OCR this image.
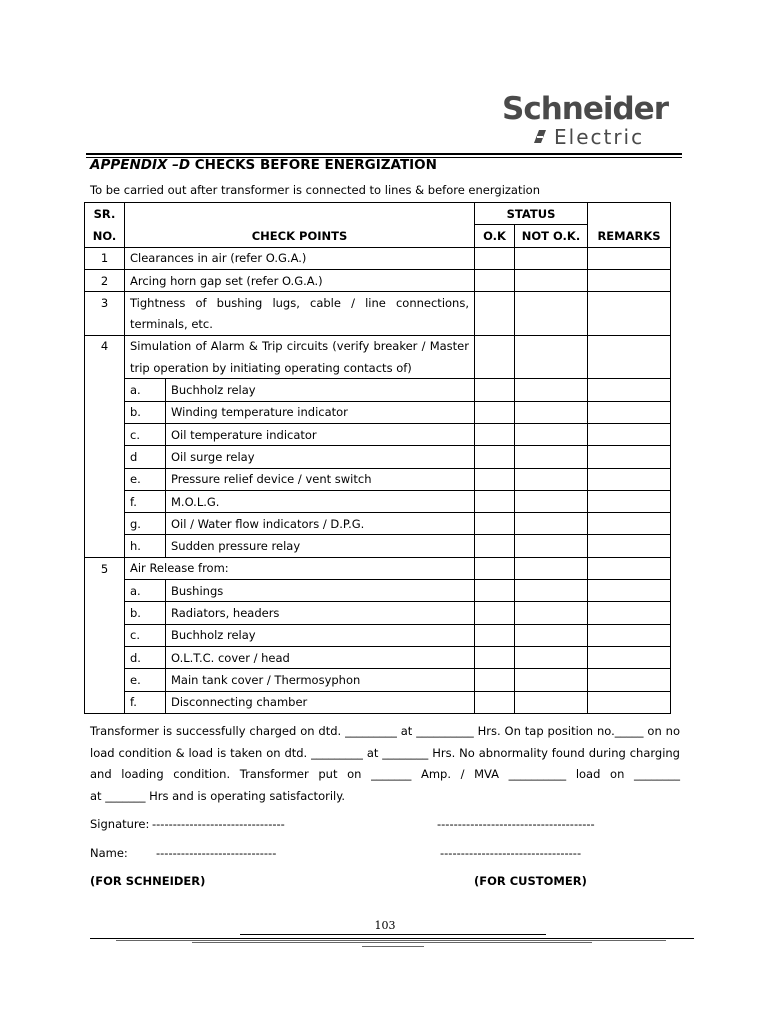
Schneider
Electric
APPENDIX –D CHECKS BEFORE ENERGIZATION
To be carried out after transformer is connected to lines & before energization
SR.			STATUS		
NO.	CHECK POINTS		O.K	NOT O.K.	REMARKS
1	Clearances in air (refer O.G.A.)				
2	Arcing horn gap set (refer O.G.A.)				
3	Tightness of bushing lugs, cable / line connections,				

	terminals, etc.				
4	Simulation of Alarm & Trip circuits (verify breaker / Master				

	trip operation by initiating operating contacts of)				
	a.	Buchholz relay			
	b.	Winding temperature indicator			
	c.	Oil temperature indicator			
	d	Oil surge relay			
	e.	Pressure relief device / vent switch			
	f.	M.O.L.G.			
	g.	Oil / Water flow indicators / D.P.G.			
	h.	Sudden pressure relay			
5	Air Release from:				
	a.	Bushings			
	b.	Radiators, headers			
	c.	Buchholz relay			
	d.	O.L.T.C. cover / head			
	e.	Main tank cover / Thermosyphon			
	f.	Disconnecting chamber			
Transformer is successfully charged on dtd. _________ at __________ Hrs. On tap position no._____ on no load condition & load is taken on dtd. _________ at ________ Hrs. No abnormality found during charging and loading condition. Transformer put on _______ Amp. / MVA __________ load on ________
at _______ Hrs and is operating satisfactorily.
Signature: --------------------------------	--------------------------------------
Name: -----------------------------	----------------------------------
(FOR SCHNEIDER)	(FOR CUSTOMER)
103
